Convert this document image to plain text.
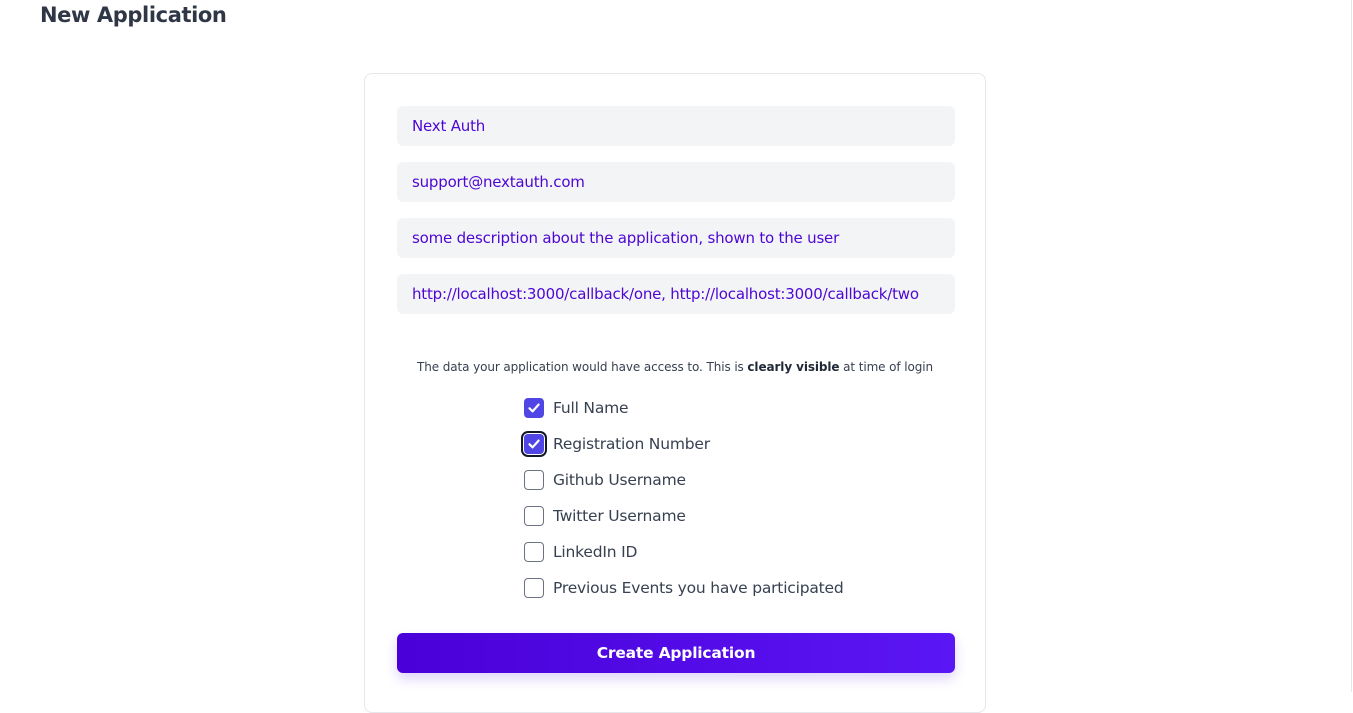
New Application
Next Auth
support@nextauth.com
some description about the application, shown to the user
http://localhost:3000/callback/one, http://localhost:3000/callback/two
The data your application would have access to. This is clearly visible at time of login
Full Name
Registration Number
Github Username
Twitter Username
LinkedIn ID
Previous Events you have participated
Create Application
